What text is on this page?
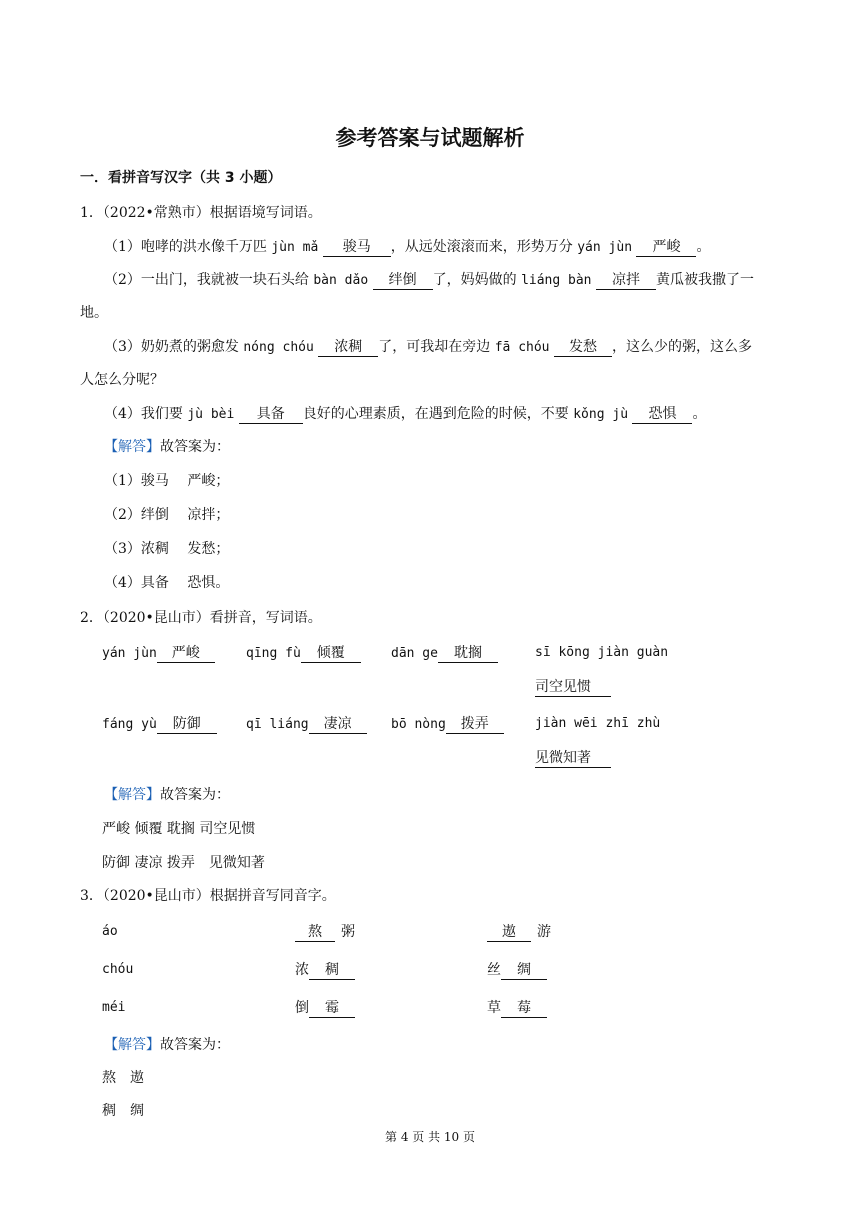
参考答案与试题解析
一．看拼音写汉字（共 3 小题）
1．（2022•常熟市）根据语境写词语。
（1）咆哮的洪水像千万匹 jùn mǎ 骏马 ，从远处滚滚而来，形势万分 yán jùn 严峻 。
（2）一出门，我就被一块石头给 bàn dǎo 绊倒 了，妈妈做的 liáng bàn 凉拌 黄瓜被我撒了一
地。
（3）奶奶煮的粥愈发 nóng chóu 浓稠 了，可我却在旁边 fā chóu 发愁 ，这么少的粥，这么多
人怎么分呢？
（4）我们要 jù bèi 具备 良好的心理素质，在遇到危险的时候，不要 kǒng jù 恐惧 。
【解答】故答案为：
（1）骏马　 严峻；
（2）绊倒　 凉拌；
（3）浓稠　 发愁；
（4）具备　 恐惧。
2．（2020•昆山市）看拼音，写词语。
yán jùn 严峻	qīng fù 倾覆	dān ge 耽搁	sī kōng jiàn guàn
司空见惯
fáng yù 防御	qī liáng 凄凉	bō nòng 拨弄	jiàn wēi zhī zhù
见微知著
【解答】故答案为：
严峻 倾覆 耽搁 司空见惯
防御 凄凉 拨弄　见微知著
3．（2020•昆山市）根据拼音写同音字。
áo	熬 粥	遨 游
chóu	浓 稠	丝 绸
méi	倒 霉	草 莓
【解答】故答案为：
熬　遨
稠　绸
第 4 页 共 10 页
